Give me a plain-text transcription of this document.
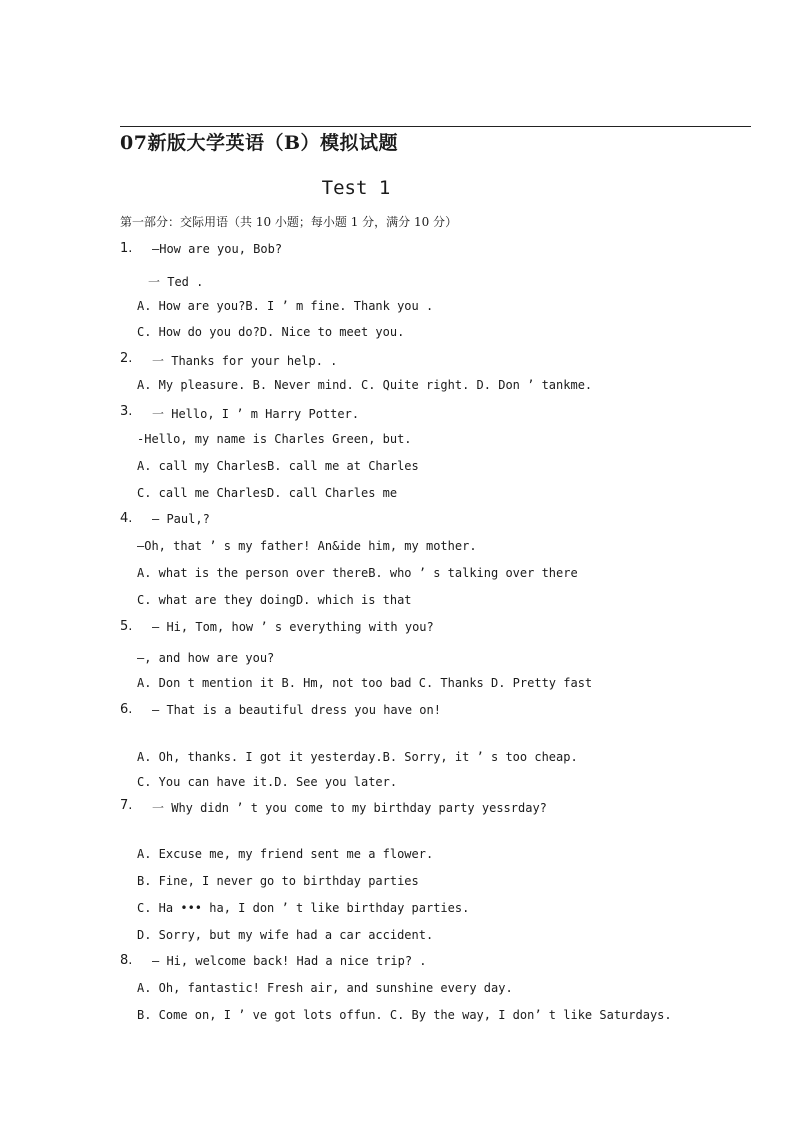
07新版大学英语（B）模拟试题
Test 1
第一部分：交际用语（共 10 小题；每小题 1 分，满分 10 分）
1. —How are you, Bob?
一 Ted .
A. How are you?B. I ’ m fine. Thank you .
C. How do you do?D. Nice to meet you.
2. 一 Thanks for your help. .
A. My pleasure. B. Never mind. C. Quite right. D. Don ’ tankme.
3. 一 Hello, I ’ m Harry Potter.
-Hello, my name is Charles Green, but.
A. call my CharlesB. call me at Charles
C. call me CharlesD. call Charles me
4. — Paul,?
—Oh, that ’ s my father! An&ide him, my mother.
A. what is the person over thereB. who ’ s talking over there
C. what are they doingD. which is that
5. — Hi, Tom, how ’ s everything with you?
—, and how are you?
A. Don t mention it B. Hm, not too bad C. Thanks D. Pretty fast
6. — That is a beautiful dress you have on!
A. Oh, thanks. I got it yesterday.B. Sorry, it ’ s too cheap.
C. You can have it.D. See you later.
7. 一 Why didn ’ t you come to my birthday party yessrday?
A. Excuse me, my friend sent me a flower.
B. Fine, I never go to birthday parties
C. Ha ••• ha, I don ’ t like birthday parties.
D. Sorry, but my wife had a car accident.
8. — Hi, welcome back! Had a nice trip? .
A. Oh, fantastic! Fresh air, and sunshine every day.
B. Come on, I ’ ve got lots offun. C. By the way, I don’ t like Saturdays.
